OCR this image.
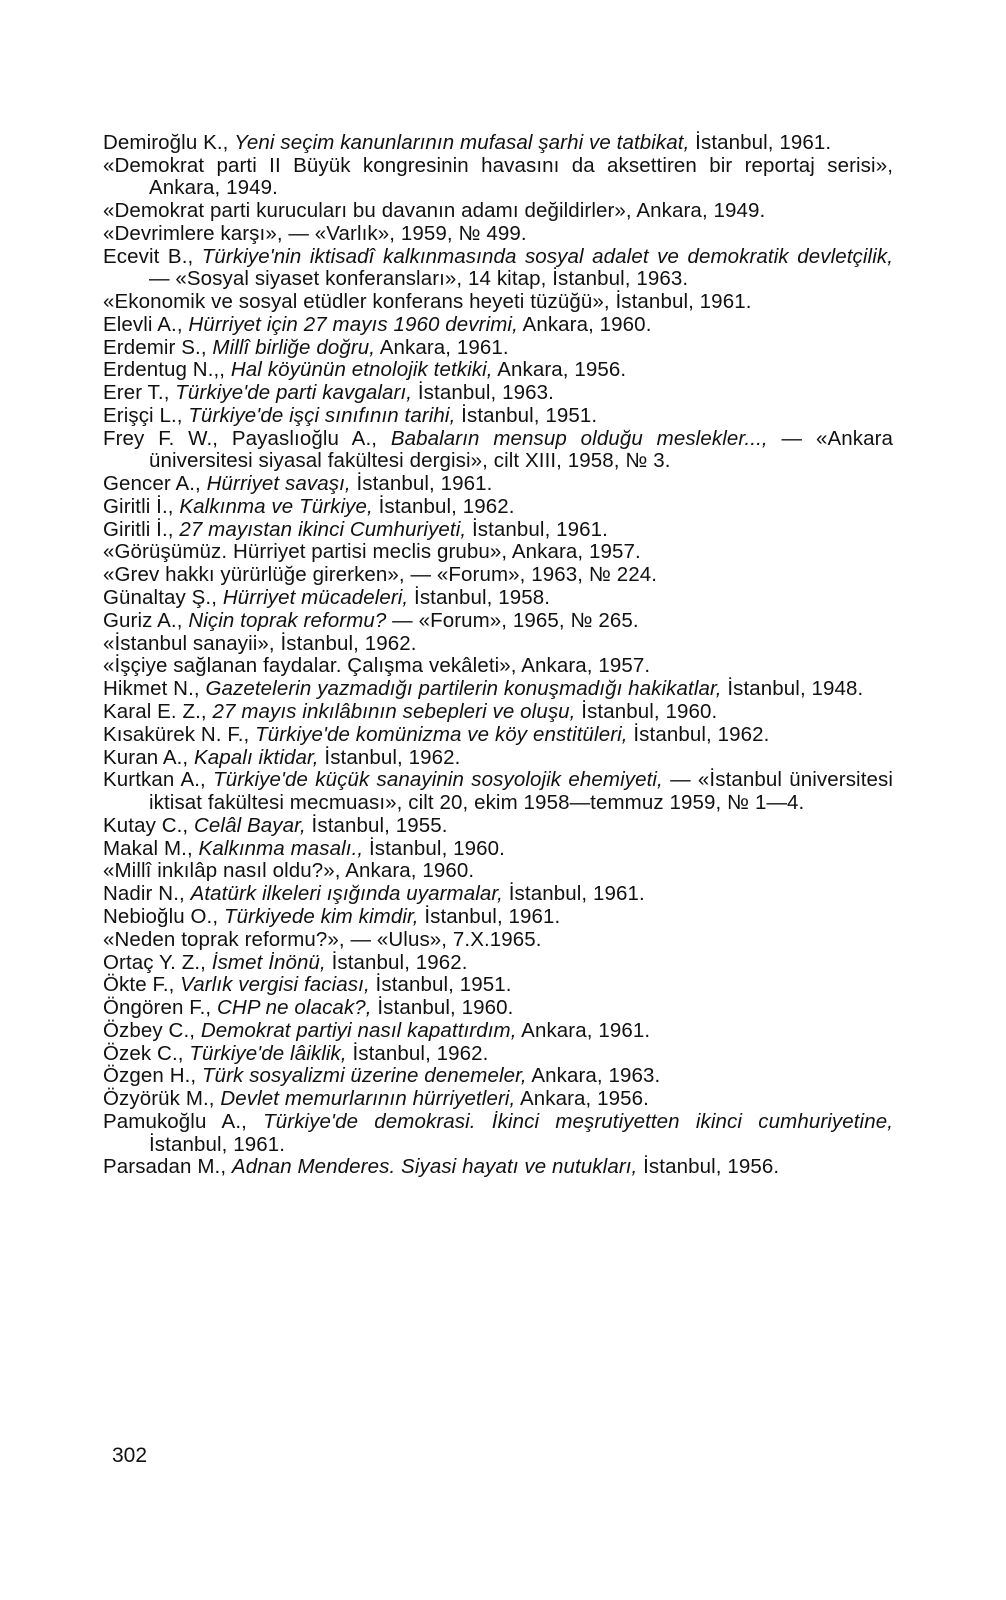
Demiroğlu K., Yeni seçim kanunlarının mufasal şarhi ve tatbikat, İstanbul, 1961.
«Demokrat parti II Büyük kongresinin havasını da aksettiren bir reportaj serisi», Ankara, 1949.
«Demokrat parti kurucuları bu davanın adamı değildirler», Ankara, 1949.
«Devrimlere karşı», — «Varlık», 1959, № 499.
Ecevit B., Türkiye'nin iktisadî kalkınmasında sosyal adalet ve demokratik devletçilik, — «Sosyal siyaset konferansları», 14 kitap, İstanbul, 1963.
«Ekonomik ve sosyal etüdler konferans heyeti tüzüğü», İstanbul, 1961.
Elevli A., Hürriyet için 27 mayıs 1960 devrimi, Ankara, 1960.
Erdemir S., Millî birliğe doğru, Ankara, 1961.
Erdentug N.,, Hal köyünün etnolojik tetkiki, Ankara, 1956.
Erer T., Türkiye'de parti kavgaları, İstanbul, 1963.
Erişçi L., Türkiye'de işçi sınıfının tarihi, İstanbul, 1951.
Frey F. W., Payaslıoğlu A., Babaların mensup olduğu meslekler..., — «Ankara üniversitesi siyasal fakültesi dergisi», cilt XIII, 1958, № 3.
Gencer A., Hürriyet savaşı, İstanbul, 1961.
Giritli İ., Kalkınma ve Türkiye, İstanbul, 1962.
Giritli İ., 27 mayıstan ikinci Cumhuriyeti, İstanbul, 1961.
«Görüşümüz. Hürriyet partisi meclis grubu», Ankara, 1957.
«Grev hakkı yürürlüğe girerken», — «Forum», 1963, № 224.
Günaltay Ş., Hürriyet mücadeleri, İstanbul, 1958.
Guriz A., Niçin toprak reformu? — «Forum», 1965, № 265.
«İstanbul sanayii», İstanbul, 1962.
«İşçiye sağlanan faydalar. Çalışma vekâleti», Ankara, 1957.
Hikmet N., Gazetelerin yazmadığı partilerin konuşmadığı hakikatlar, İstanbul, 1948.
Karal E. Z., 27 mayıs inkılâbının sebepleri ve oluşu, İstanbul, 1960.
Kısakürek N. F., Türkiye'de komünizma ve köy enstitüleri, İstanbul, 1962.
Kuran A., Kapalı iktidar, İstanbul, 1962.
Kurtkan A., Türkiye'de küçük sanayinin sosyolojik ehemiyeti, — «İstanbul üniversitesi iktisat fakültesi mecmuası», cilt 20, ekim 1958—temmuz 1959, № 1—4.
Kutay C., Celâl Bayar, İstanbul, 1955.
Makal M., Kalkınma masalı., İstanbul, 1960.
«Millî inkılâp nasıl oldu?», Ankara, 1960.
Nadir N., Atatürk ilkeleri ışığında uyarmalar, İstanbul, 1961.
Nebioğlu O., Türkiyede kim kimdir, İstanbul, 1961.
«Neden toprak reformu?», — «Ulus», 7.X.1965.
Ortaç Y. Z., İsmet İnönü, İstanbul, 1962.
Ökte F., Varlık vergisi faciası, İstanbul, 1951.
Öngören F., CHP ne olacak?, İstanbul, 1960.
Özbey C., Demokrat partiyi nasıl kapattırdım, Ankara, 1961.
Özek C., Türkiye'de lâiklik, İstanbul, 1962.
Özgen H., Türk sosyalizmi üzerine denemeler, Ankara, 1963.
Özyörük M., Devlet memurlarının hürriyetleri, Ankara, 1956.
Pamukoğlu A., Türkiye'de demokrasi. İkinci meşrutiyetten ikinci cumhuriyetine, İstanbul, 1961.
Parsadan M., Adnan Menderes. Siyasi hayatı ve nutukları, İstanbul, 1956.
302
